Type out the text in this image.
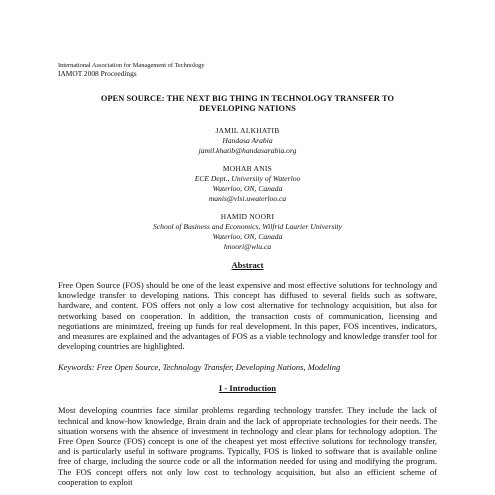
International Association for Management of Technology
IAMOT 2008 Proceedings
OPEN SOURCE: THE NEXT BIG THING IN TECHNOLOGY TRANSFER TO
DEVELOPING NATIONS
JAMIL ALKHATIB
Handasa Arabia
jamil.khatib@handasarabia.org
MOHAB ANIS
ECE Dept., University of Waterloo
Waterloo, ON, Canada
manis@vlsi.uwaterloo.ca
HAMID NOORI
School of Business and Economics, Wilfrid Laurier University
Waterloo, ON, Canada
hnoori@wlu.ca
Abstract
Free Open Source (FOS) should be one of the least expensive and most effective solutions for technology and knowledge transfer to developing nations. This concept has diffused to several fields such as software, hardware, and content. FOS offers not only a low cost alternative for technology acquisition, but also for networking based on cooperation. In addition, the transaction costs of communication, licensing and negotiations are minimized, freeing up funds for real development. In this paper, FOS incentives, indicators, and measures are explained and the advantages of FOS as a viable technology and knowledge transfer tool for developing countries are highlighted.
Keywords: Free Open Source, Technology Transfer, Developing Nations, Modeling
I - Introduction
Most developing countries face similar problems regarding technology transfer. They include the lack of technical and know-how knowledge, Brain drain and the lack of appropriate technologies for their needs. The situation worsens with the absence of investment in technology and clear plans for technology adoption. The Free Open Source (FOS) concept is one of the cheapest yet most effective solutions for technology transfer, and is particularly useful in software programs. Typically, FOS is linked to software that is available online free of charge, including the source code or all the information needed for using and modifying the program. The FOS concept offers not only low cost to technology acquisition, but also an efficient scheme of cooperation to exploit
